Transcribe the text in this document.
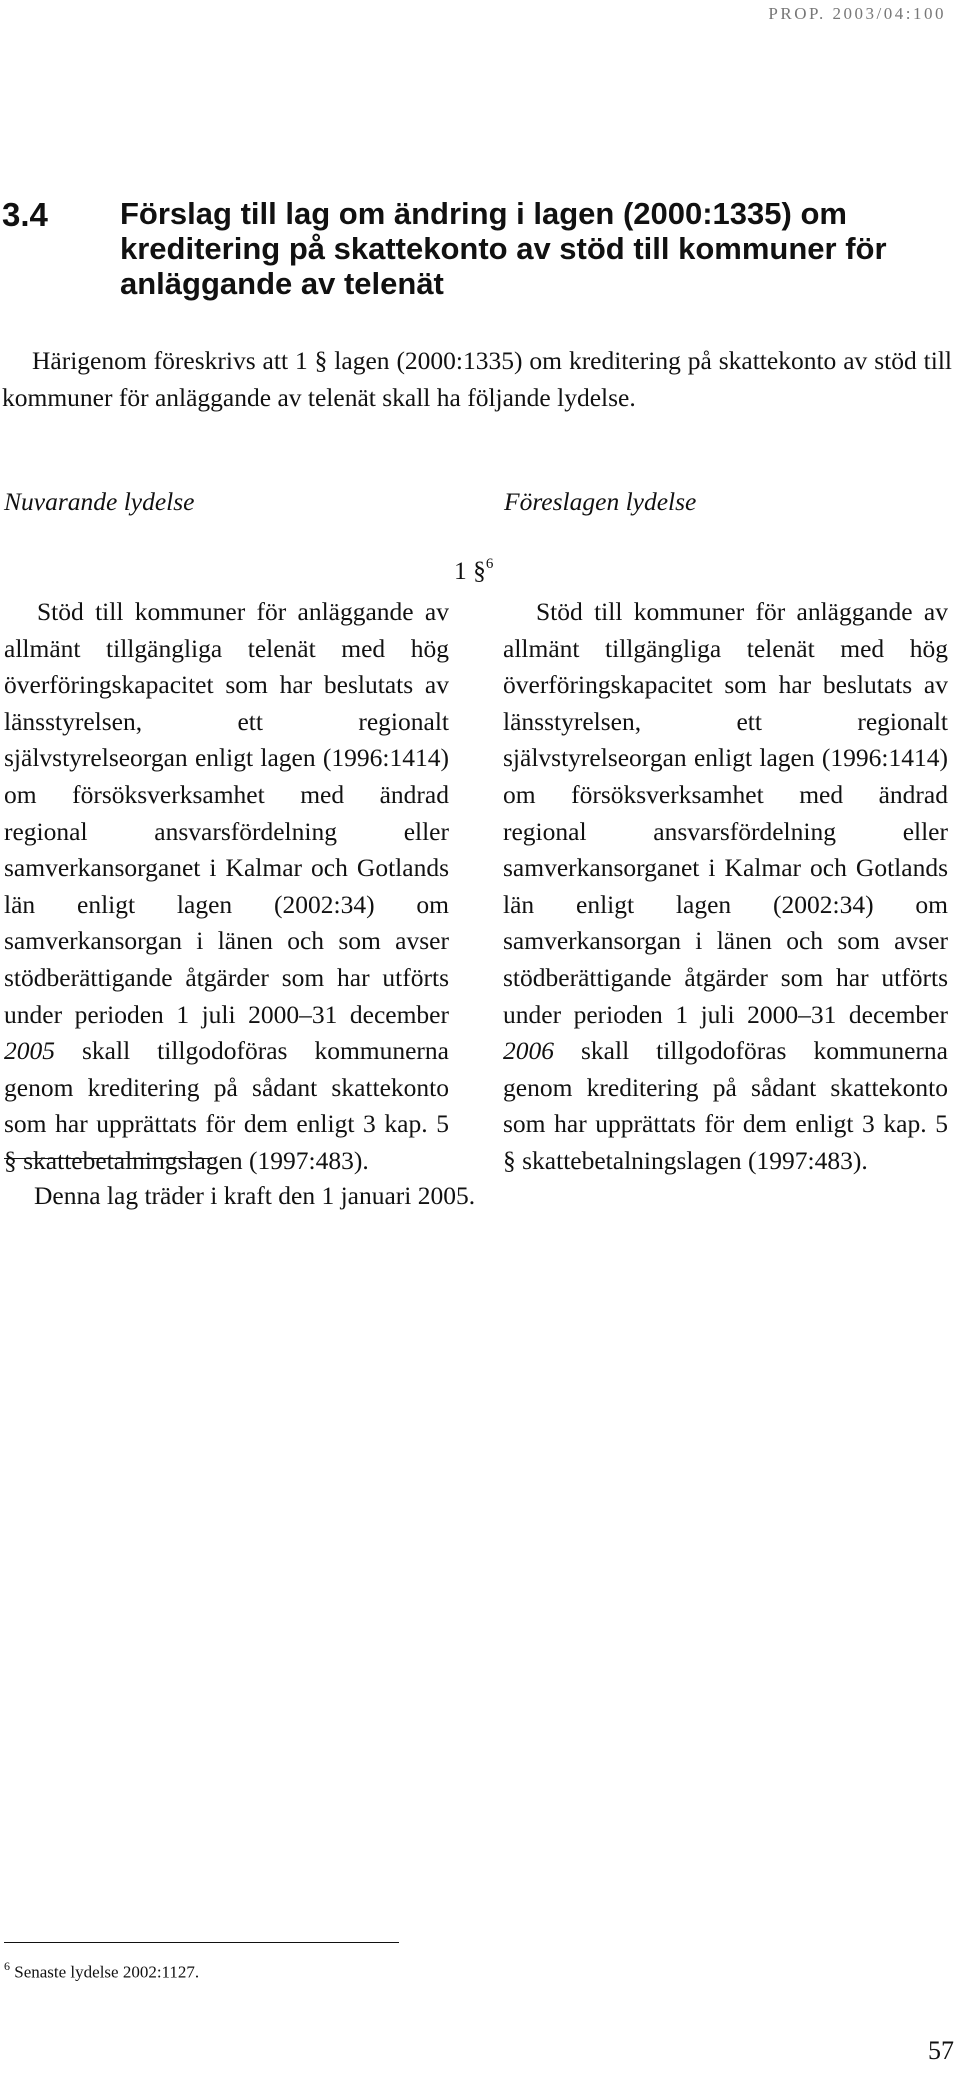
PROP. 2003/04:100
3.4 Förslag till lag om ändring i lagen (2000:1335) om kreditering på skattekonto av stöd till kommuner för anläggande av telenät

Härigenom föreskrivs att 1 § lagen (2000:1335) om kreditering på skattekonto av stöd till kommuner för anläggande av telenät skall ha följande lydelse.

Nuvarande lydelse	Föreslagen lydelse
1 §$^6$

Stöd till kommuner för anläggande av allmänt tillgängliga telenät med hög överföringskapacitet som har beslutats av länsstyrelsen, ett regionalt självstyrelseorgan enligt lagen (1996:1414) om försöksverksamhet med ändrad regional ansvarsfördelning eller samverkansorganet i Kalmar och Gotlands län enligt lagen (2002:34) om samverkansorgan i länen och som avser stödberättigande åtgärder som har utförts under perioden 1 juli 2000–31 december 2005 skall tillgodoföras kommunerna genom kreditering på sådant skattekonto som har upprättats för dem enligt 3 kap. 5 § skattebetalningslagen (1997:483).

Stöd till kommuner för anläggande av allmänt tillgängliga telenät med hög överföringskapacitet som har beslutats av länsstyrelsen, ett regionalt självstyrelseorgan enligt lagen (1996:1414) om försöksverksamhet med ändrad regional ansvarsfördelning eller samverkansorganet i Kalmar och Gotlands län enligt lagen (2002:34) om samverkansorgan i länen och som avser stödberättigande åtgärder som har utförts under perioden 1 juli 2000–31 december 2006 skall tillgodoföras kommunerna genom kreditering på sådant skattekonto som har upprättats för dem enligt 3 kap. 5 § skattebetalningslagen (1997:483).

Denna lag träder i kraft den 1 januari 2005.
$^6$ Senaste lydelse 2002:1127.
57
